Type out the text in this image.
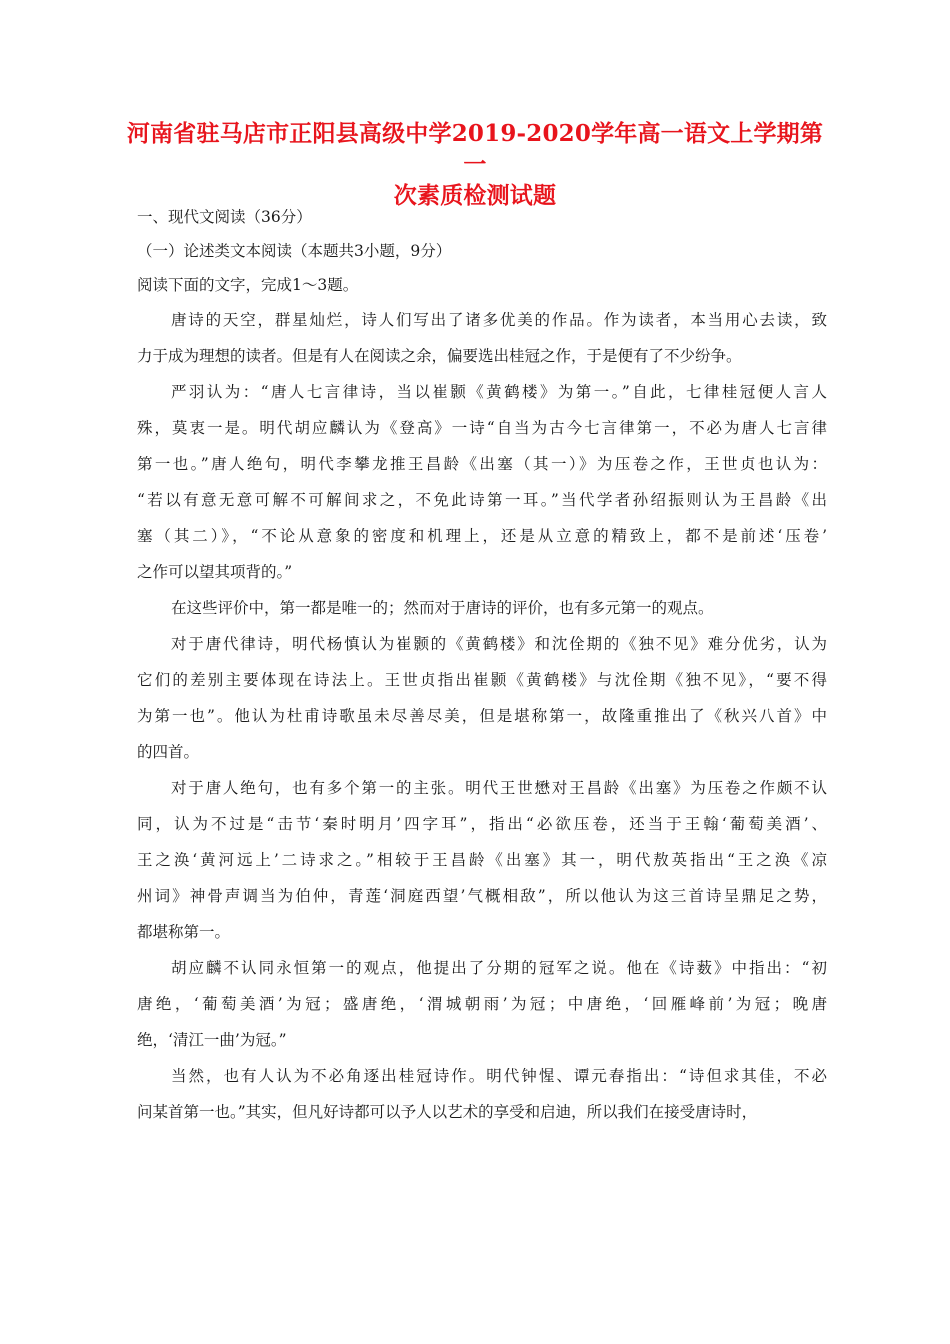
河南省驻马店市正阳县高级中学2019-2020学年高一语文上学期第一
次素质检测试题
一、现代文阅读（36分）
（一）论述类文本阅读（本题共3小题，9分）
阅读下面的文字，完成1～3题。
唐诗的天空，群星灿烂，诗人们写出了诸多优美的作品。作为读者，本当用心去读，致
力于成为理想的读者。但是有人在阅读之余，偏要选出桂冠之作，于是便有了不少纷争。
严羽认为：“唐人七言律诗，当以崔颢《黄鹤楼》为第一。”自此，七律桂冠便人言人
殊，莫衷一是。明代胡应麟认为《登高》一诗“自当为古今七言律第一，不必为唐人七言律
第一也。”唐人绝句，明代李攀龙推王昌龄《出塞（其一）》为压卷之作，王世贞也认为：
“若以有意无意可解不可解间求之，不免此诗第一耳。”当代学者孙绍振则认为王昌龄《出
塞（其二）》，“不论从意象的密度和机理上，还是从立意的精致上，都不是前述‘压卷’
之作可以望其项背的。”
在这些评价中，第一都是唯一的；然而对于唐诗的评价，也有多元第一的观点。
对于唐代律诗，明代杨慎认为崔颢的《黄鹤楼》和沈佺期的《独不见》难分优劣，认为
它们的差别主要体现在诗法上。王世贞指出崔颢《黄鹤楼》与沈佺期《独不见》，“要不得
为第一也”。他认为杜甫诗歌虽未尽善尽美，但是堪称第一，故隆重推出了《秋兴八首》中
的四首。
对于唐人绝句，也有多个第一的主张。明代王世懋对王昌龄《出塞》为压卷之作颇不认
同，认为不过是“击节‘秦时明月’四字耳”，指出“必欲压卷，还当于王翰‘葡萄美酒’、
王之涣‘黄河远上’二诗求之。”相较于王昌龄《出塞》其一，明代敖英指出“王之涣《凉
州词》神骨声调当为伯仲，青莲‘洞庭西望’气概相敌”，所以他认为这三首诗呈鼎足之势，
都堪称第一。
胡应麟不认同永恒第一的观点，他提出了分期的冠军之说。他在《诗薮》中指出：“初
唐绝，‘葡萄美酒’为冠；盛唐绝，‘渭城朝雨’为冠；中唐绝，‘回雁峰前’为冠；晚唐
绝，‘清江一曲’为冠。”
当然，也有人认为不必角逐出桂冠诗作。明代钟惺、谭元春指出：“诗但求其佳，不必
问某首第一也。”其实，但凡好诗都可以予人以艺术的享受和启迪，所以我们在接受唐诗时，
